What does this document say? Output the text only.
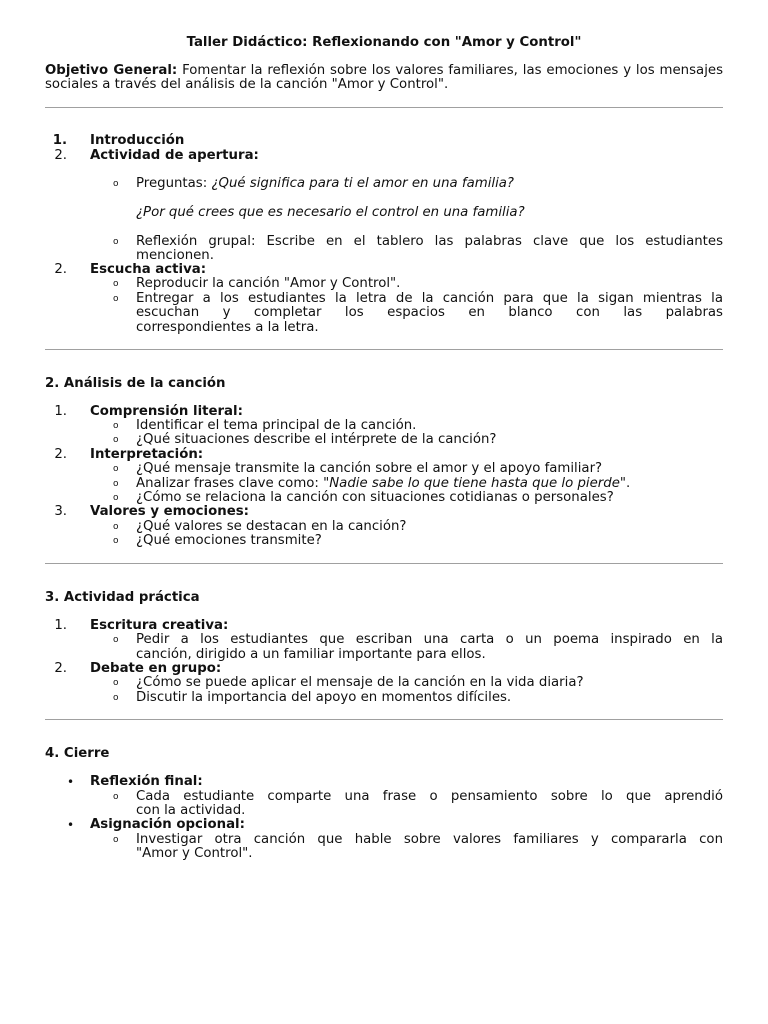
Taller Didáctico: Reflexionando con "Amor y Control"
Objetivo General: Fomentar la reflexión sobre los valores familiares, las emociones y los mensajes sociales a través del análisis de la canción "Amor y Control".
1. Introducción
2. Actividad de apertura:
o Preguntas: ¿Qué significa para ti el amor en una familia?
¿Por qué crees que es necesario el control en una familia?
o Reflexión grupal: Escribe en el tablero las palabras clave que los estudiantes
mencionen.
2. Escucha activa:
o Reproducir la canción "Amor y Control".
o Entregar a los estudiantes la letra de la canción para que la sigan mientras la
escuchan y completar los espacios en blanco con las palabras
correspondientes a la letra.
2. Análisis de la canción
1. Comprensión literal:
o Identificar el tema principal de la canción.
o ¿Qué situaciones describe el intérprete de la canción?
2. Interpretación:
o ¿Qué mensaje transmite la canción sobre el amor y el apoyo familiar?
o Analizar frases clave como: "Nadie sabe lo que tiene hasta que lo pierde".
o ¿Cómo se relaciona la canción con situaciones cotidianas o personales?
3. Valores y emociones:
o ¿Qué valores se destacan en la canción?
o ¿Qué emociones transmite?
3. Actividad práctica
1. Escritura creativa:
o Pedir a los estudiantes que escriban una carta o un poema inspirado en la
canción, dirigido a un familiar importante para ellos.
2. Debate en grupo:
o ¿Cómo se puede aplicar el mensaje de la canción en la vida diaria?
o Discutir la importancia del apoyo en momentos difíciles.
4. Cierre
• Reflexión final:
o Cada estudiante comparte una frase o pensamiento sobre lo que aprendió
con la actividad.
• Asignación opcional:
o Investigar otra canción que hable sobre valores familiares y compararla con
"Amor y Control".
